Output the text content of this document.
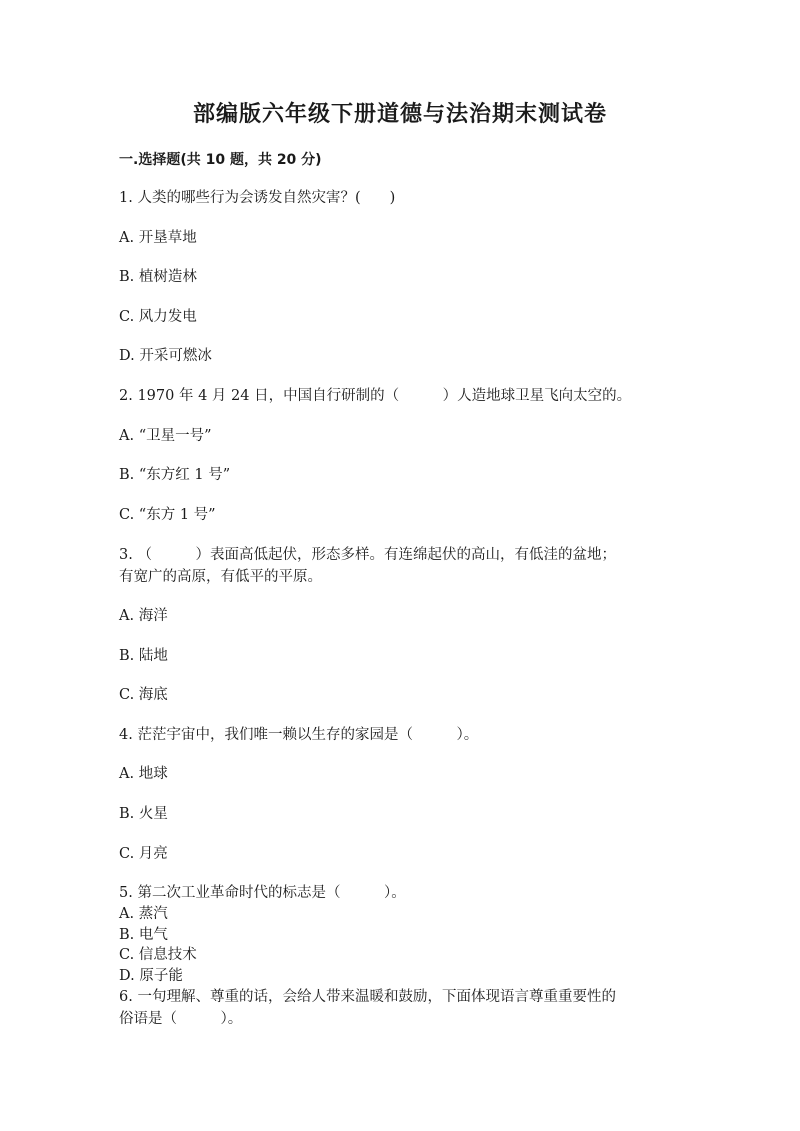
部编版六年级下册道德与法治期末测试卷
一.选择题(共 10 题，共 20 分)
1. 人类的哪些行为会诱发自然灾害？(　　)
A. 开垦草地
B. 植树造林
C. 风力发电
D. 开采可燃冰
2. 1970 年 4 月 24 日，中国自行研制的（　　　）人造地球卫星飞向太空的。
A. “卫星一号”
B. “东方红 1 号”
C. “东方 1 号”
3. （　　　）表面高低起伏，形态多样。有连绵起伏的高山，有低洼的盆地；
有宽广的高原，有低平的平原。
A. 海洋
B. 陆地
C. 海底
4. 茫茫宇宙中，我们唯一赖以生存的家园是（　　　）。
A. 地球
B. 火星
C. 月亮
5. 第二次工业革命时代的标志是（　　　）。
A. 蒸汽
B. 电气
C. 信息技术
D. 原子能
6. 一句理解、尊重的话，会给人带来温暖和鼓励，下面体现语言尊重重要性的
俗语是（　　　）。
